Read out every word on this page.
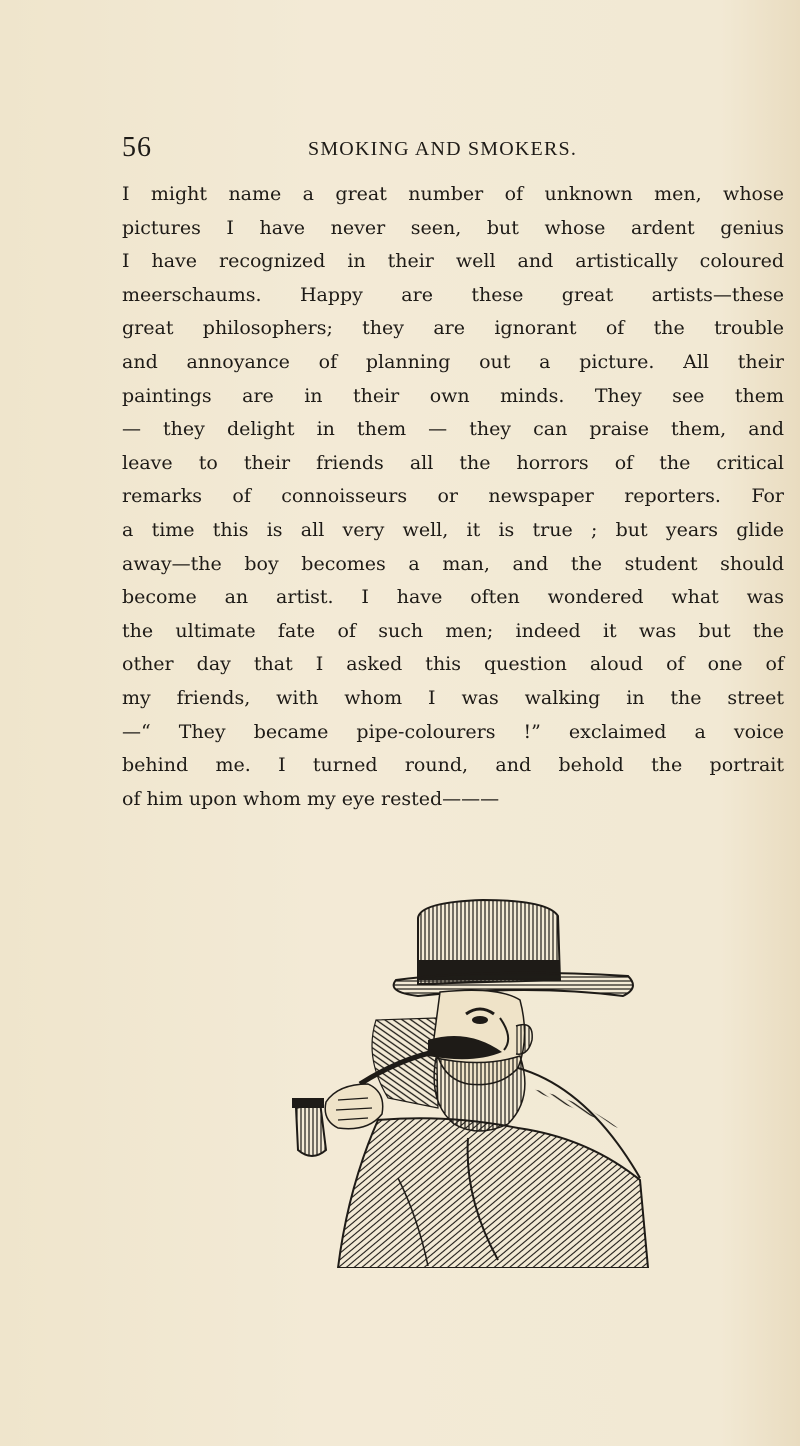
56	SMOKING AND SMOKERS.
I might name a great number of unknown men, whose
pictures I have never seen, but whose ardent genius
I have recognized in their well and artistically coloured
meerschaums. Happy are these great artists—these
great philosophers; they are ignorant of the trouble
and annoyance of planning out a picture. All their
paintings are in their own minds. They see them
— they delight in them — they can praise them, and
leave to their friends all the horrors of the critical
remarks of connoisseurs or newspaper reporters. For
a time this is all very well, it is true ; but years glide
away—the boy becomes a man, and the student should
become an artist. I have often wondered what was
the ultimate fate of such men; indeed it was but the
other day that I asked this question aloud of one of
my friends, with whom I was walking in the street
—“ They became pipe-colourers !” exclaimed a voice
behind me. I turned round, and behold the portrait
of him upon whom my eye rested———
